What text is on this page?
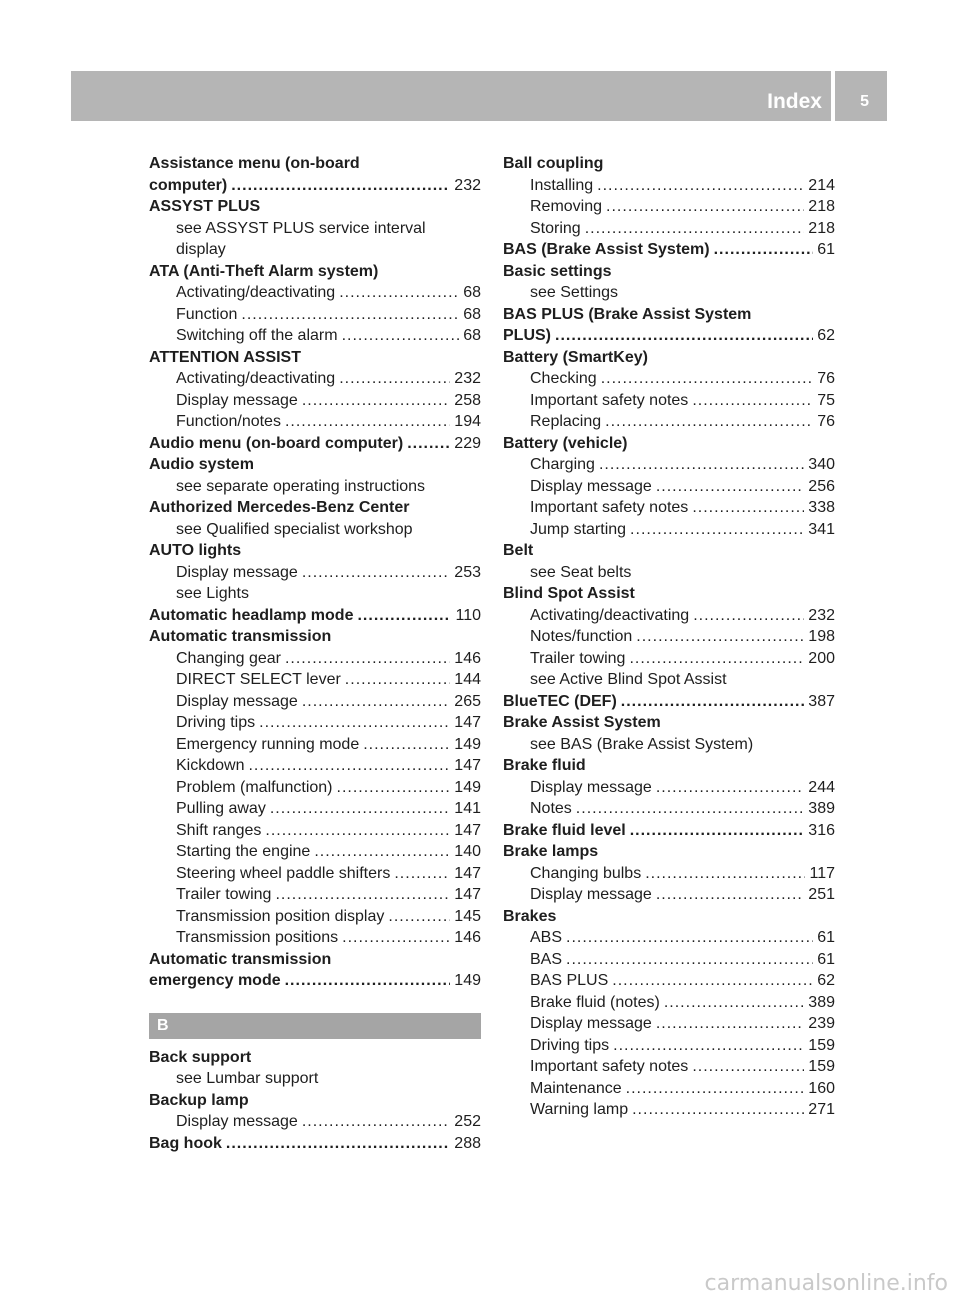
Index 5
Assistance menu (on-board
computer) .....	232
ASSYST PLUS
see ASSYST PLUS service interval
display
ATA (Anti-Theft Alarm system)
Activating/deactivating .....	68
Function .....	68
Switching off the alarm .....	68
ATTENTION ASSIST
Activating/deactivating .....	232
Display message .....	258
Function/notes .....	194
Audio menu (on-board computer) .....	229
Audio system
see separate operating instructions
Authorized Mercedes-Benz Center
see Qualified specialist workshop
AUTO lights
Display message .....	253
see Lights
Automatic headlamp mode .....	110
Automatic transmission
Changing gear .....	146
DIRECT SELECT lever .....	144
Display message .....	265
Driving tips .....	147
Emergency running mode .....	149
Kickdown .....	147
Problem (malfunction) .....	149
Pulling away .....	141
Shift ranges .....	147
Starting the engine .....	140
Steering wheel paddle shifters .....	147
Trailer towing .....	147
Transmission position display .....	145
Transmission positions .....	146
Automatic transmission
emergency mode .....	149
B
Back support
see Lumbar support
Backup lamp
Display message .....	252
Bag hook .....	288
Ball coupling
Installing .....	214
Removing .....	218
Storing .....	218
BAS (Brake Assist System) .....	61
Basic settings
see Settings
BAS PLUS (Brake Assist System
PLUS) .....	62
Battery (SmartKey)
Checking .....	76
Important safety notes .....	75
Replacing .....	76
Battery (vehicle)
Charging .....	340
Display message .....	256
Important safety notes .....	338
Jump starting .....	341
Belt
see Seat belts
Blind Spot Assist
Activating/deactivating .....	232
Notes/function .....	198
Trailer towing .....	200
see Active Blind Spot Assist
BlueTEC (DEF) .....	387
Brake Assist System
see BAS (Brake Assist System)
Brake fluid
Display message .....	244
Notes .....	389
Brake fluid level .....	316
Brake lamps
Changing bulbs .....	117
Display message .....	251
Brakes
ABS .....	61
BAS .....	61
BAS PLUS .....	62
Brake fluid (notes) .....	389
Display message .....	239
Driving tips .....	159
Important safety notes .....	159
Maintenance .....	160
Warning lamp .....	271
carmanualsonline.info
